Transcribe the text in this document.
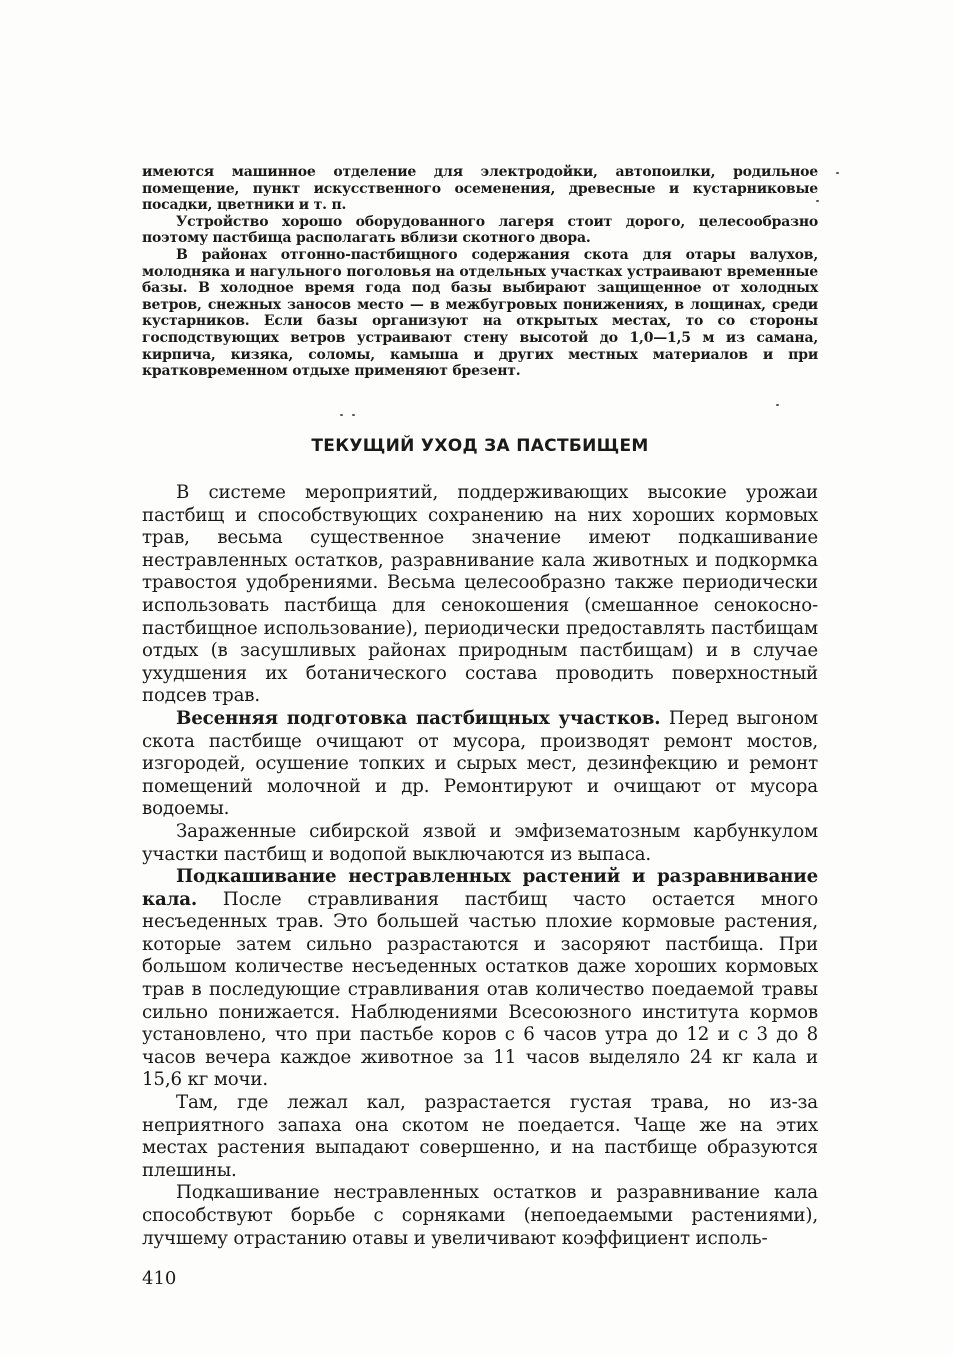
имеются машинное отделение для электродойки, автопоилки, родильное помещение, пункт искусственного осеменения, древесные и кустарниковые посадки, цветники и т. п.

Устройство хорошо оборудованного лагеря стоит дорого, целесообразно поэтому пастбища располагать вблизи скотного двора.

В районах отгонно-пастбищного содержания скота для отары валухов, молодняка и нагульного поголовья на отдельных участках устраивают временные базы. В холодное время года под базы выбирают защищенное от холодных ветров, снежных заносов место — в межбугровых понижениях, в лощинах, среди кустарников. Если базы организуют на открытых местах, то со стороны господствующих ветров устраивают стену высотой до 1,0—1,5 м из самана, кирпича, кизяка, соломы, камыша и других местных материалов и при кратковременном отдыхе применяют брезент.

ТЕКУЩИЙ УХОД ЗА ПАСТБИЩЕМ

В системе мероприятий, поддерживающих высокие урожаи пастбищ и способствующих сохранению на них хороших кормовых трав, весьма существенное значение имеют подкашивание нестравленных остатков, разравнивание кала животных и подкормка травостоя удобрениями. Весьма целесообразно также периодически использовать пастбища для сенокошения (смешанное сенокосно-пастбищное использование), периодически предоставлять пастбищам отдых (в засушливых районах природным пастбищам) и в случае ухудшения их ботанического состава проводить поверхностный подсев трав.

Весенняя подготовка пастбищных участков. Перед выгоном скота пастбище очищают от мусора, производят ремонт мостов, изгородей, осушение топких и сырых мест, дезинфекцию и ремонт помещений молочной и др. Ремонтируют и очищают от мусора водоемы.

Зараженные сибирской язвой и эмфизематозным карбункулом участки пастбищ и водопой выключаются из выпаса.

Подкашивание нестравленных растений и разравнивание кала. После стравливания пастбищ часто остается много несъеденных трав. Это большей частью плохие кормовые растения, которые затем сильно разрастаются и засоряют пастбища. При большом количестве несъеденных остатков даже хороших кормовых трав в последующие стравливания отав количество поедаемой травы сильно понижается. Наблюдениями Всесоюзного института кормов установлено, что при пастьбе коров с 6 часов утра до 12 и с 3 до 8 часов вечера каждое животное за 11 часов выделяло 24 кг кала и 15,6 кг мочи.

Там, где лежал кал, разрастается густая трава, но из-за неприятного запаха она скотом не поедается. Чаще же на этих местах растения выпадают совершенно, и на пастбище образуются плешины.

Подкашивание нестравленных остатков и разравнивание кала способствуют борьбе с сорняками (непоедаемыми растениями), лучшему отрастанию отавы и увеличивают коэффициент исполь-

410
